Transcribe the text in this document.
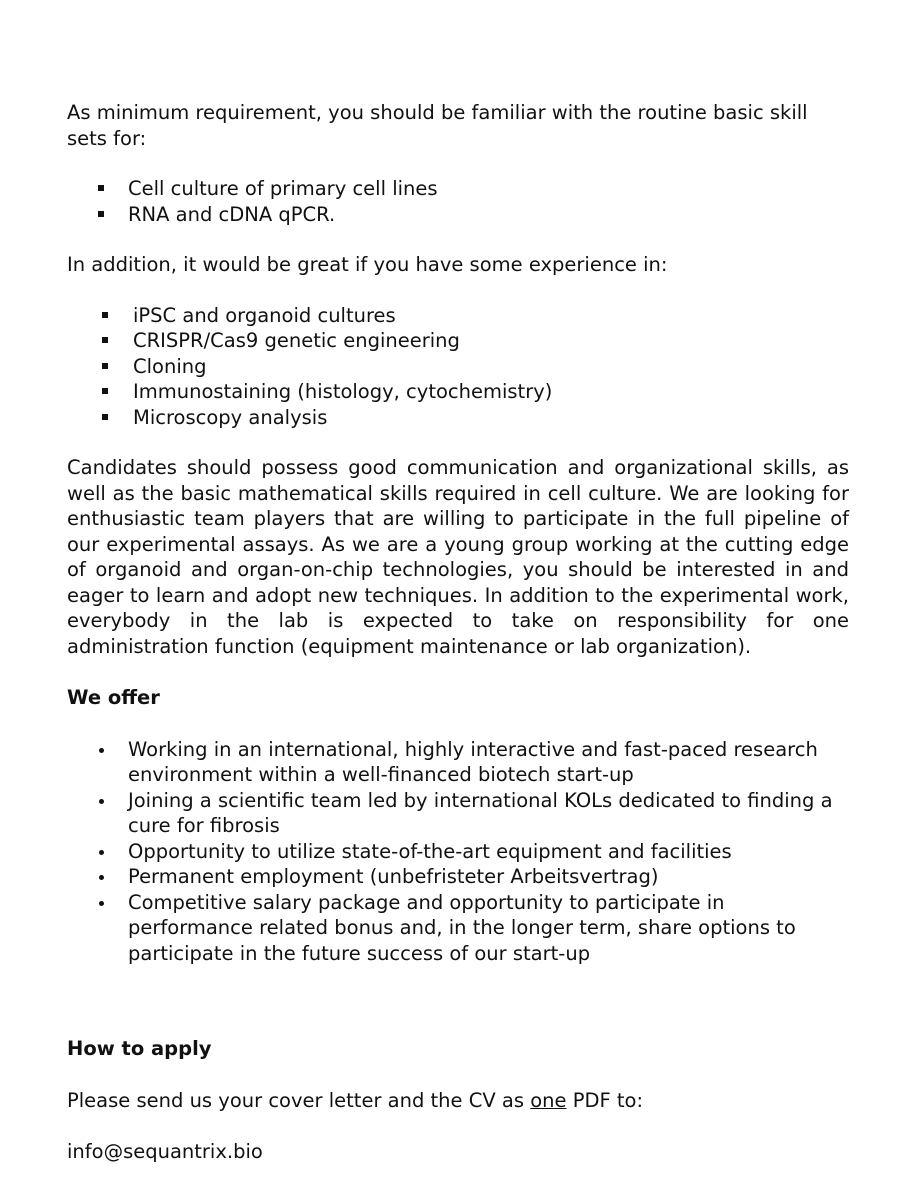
As minimum requirement, you should be familiar with the routine basic skill sets for:

Cell culture of primary cell lines
RNA and cDNA qPCR.

In addition, it would be great if you have some experience in:

iPSC and organoid cultures
CRISPR/Cas9 genetic engineering
Cloning
Immunostaining (histology, cytochemistry)
Microscopy analysis

Candidates should possess good communication and organizational skills, as well as the basic mathematical skills required in cell culture. We are looking for enthusiastic team players that are willing to participate in the full pipeline of our experimental assays. As we are a young group working at the cutting edge of organoid and organ-on-chip technologies, you should be interested in and eager to learn and adopt new techniques. In addition to the experimental work, everybody in the lab is expected to take on responsibility for one administration function (equipment maintenance or lab organization).

We offer

Working in an international, highly interactive and fast-paced research environment within a well-financed biotech start-up
Joining a scientific team led by international KOLs dedicated to finding a cure for fibrosis
Opportunity to utilize state-of-the-art equipment and facilities
Permanent employment (unbefristeter Arbeitsvertrag)
Competitive salary package and opportunity to participate in performance related bonus and, in the longer term, share options to participate in the future success of our start-up

How to apply

Please send us your cover letter and the CV as one PDF to:

info@sequantrix.bio
